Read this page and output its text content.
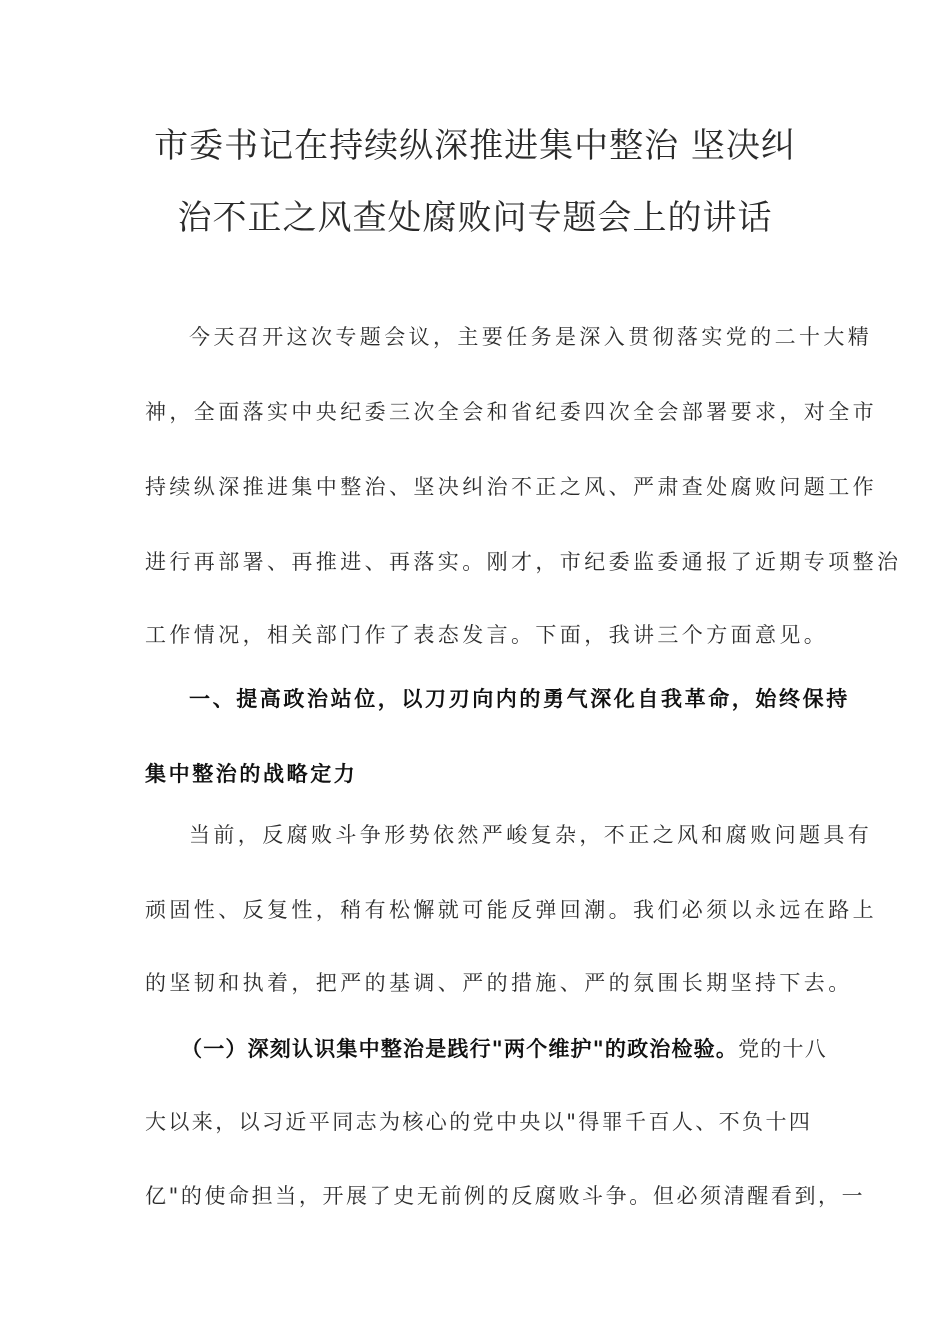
市委书记在持续纵深推进集中整治 坚决纠
治不正之风查处腐败问专题会上的讲话
今天召开这次专题会议，主要任务是深入贯彻落实党的二十大精
神，全面落实中央纪委三次全会和省纪委四次全会部署要求，对全市
持续纵深推进集中整治、坚决纠治不正之风、严肃查处腐败问题工作
进行再部署、再推进、再落实。刚才，市纪委监委通报了近期专项整治
工作情况，相关部门作了表态发言。下面，我讲三个方面意见。
一、提高政治站位，以刀刃向内的勇气深化自我革命，始终保持
集中整治的战略定力
当前，反腐败斗争形势依然严峻复杂，不正之风和腐败问题具有
顽固性、反复性，稍有松懈就可能反弹回潮。我们必须以永远在路上
的坚韧和执着，把严的基调、严的措施、严的氛围长期坚持下去。
（一）深刻认识集中整治是践行"两个维护"的政治检验。党的十八
大以来，以习近平同志为核心的党中央以"得罪千百人、不负十四
亿"的使命担当，开展了史无前例的反腐败斗争。但必须清醒看到，一
